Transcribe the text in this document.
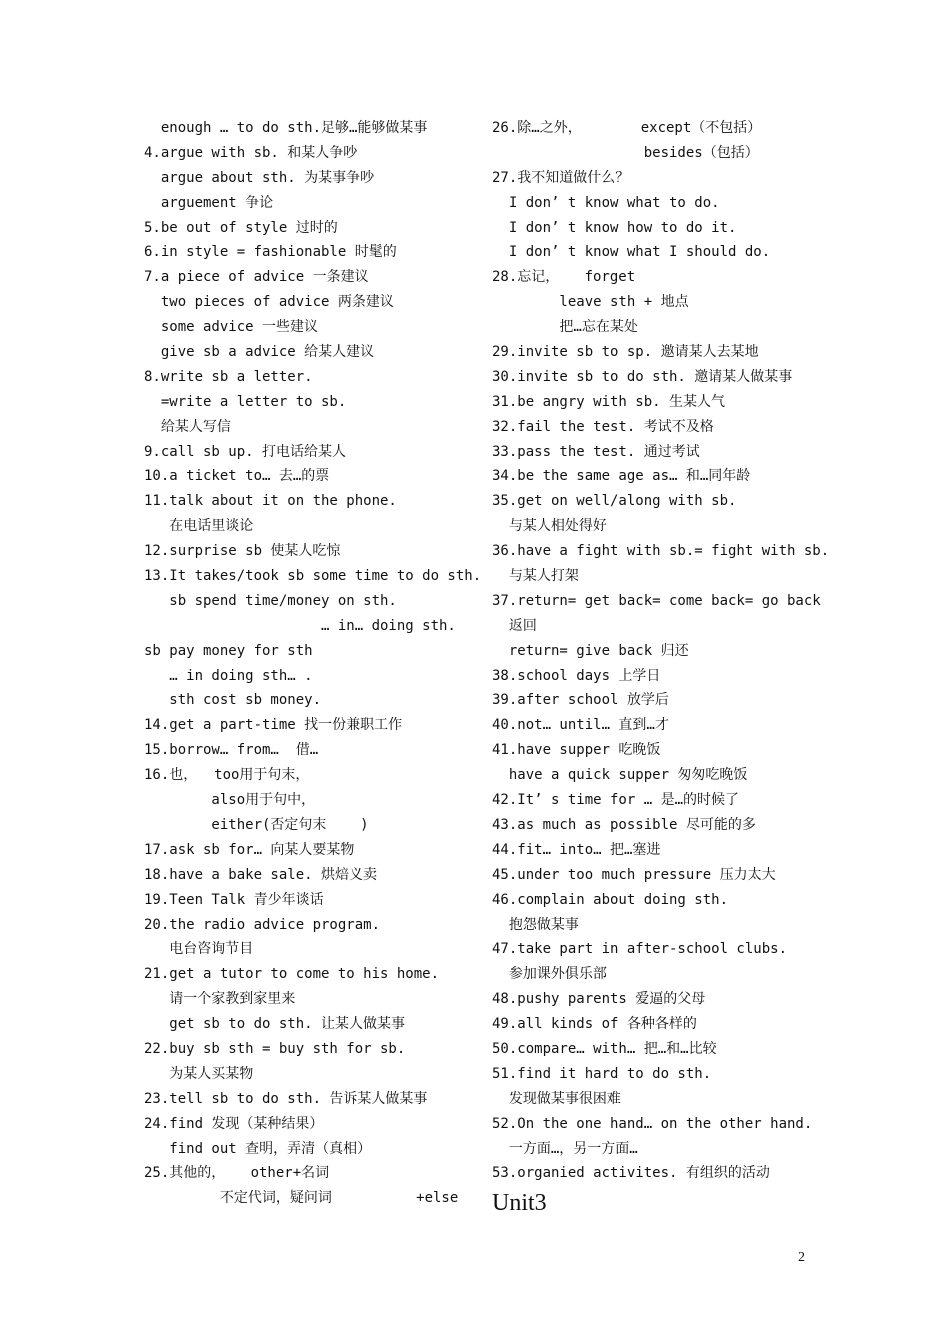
enough … to do sth.足够…能够做某事
4.argue with sb. 和某人争吵
argue about sth. 为某事争吵
arguement 争论
5.be out of style 过时的
6.in style = fashionable 时髦的
7.a piece of advice 一条建议
two pieces of advice 两条建议
some advice 一些建议
give sb a advice 给某人建议
8.write sb a letter.
=write a letter to sb.
给某人写信
9.call sb up. 打电话给某人
10.a ticket to… 去…的票
11.talk about it on the phone.
在电话里谈论
12.surprise sb 使某人吃惊
13.It takes/took sb some time to do sth.
sb spend time/money on sth.
… in… doing sth.
sb pay money for sth
… in doing sth… .
sth cost sb money.
14.get a part-time 找一份兼职工作
15.borrow… from…  借…
16.也，  too用于句末，
also用于句中，
either(否定句末    )
17.ask sb for… 向某人要某物
18.have a bake sale. 烘焙义卖
19.Teen Talk 青少年谈话
20.the radio advice program.
电台咨询节目
21.get a tutor to come to his home.
请一个家教到家里来
get sb to do sth. 让某人做某事
22.buy sb sth = buy sth for sb.
为某人买某物
23.tell sb to do sth. 告诉某人做某事
24.find 发现（某种结果）
find out 查明，弄清（真相）
25.其他的，   other+名词
不定代词，疑问词          +else
26.除…之外，       except（不包括）
besides（包括）
27.我不知道做什么？
I don’ t know what to do.
I don’ t know how to do it.
I don’ t know what I should do.
28.忘记，   forget
leave sth + 地点
把…忘在某处
29.invite sb to sp. 邀请某人去某地
30.invite sb to do sth. 邀请某人做某事
31.be angry with sb. 生某人气
32.fail the test. 考试不及格
33.pass the test. 通过考试
34.be the same age as… 和…同年龄
35.get on well/along with sb.
与某人相处得好
36.have a fight with sb.= fight with sb.
与某人打架
37.return= get back= come back= go back
返回
return= give back 归还
38.school days 上学日
39.after school 放学后
40.not… until… 直到…才
41.have supper 吃晚饭
have a quick supper 匆匆吃晚饭
42.It’ s time for … 是…的时候了
43.as much as possible 尽可能的多
44.fit… into… 把…塞进
45.under too much pressure 压力太大
46.complain about doing sth.
抱怨做某事
47.take part in after-school clubs.
参加课外俱乐部
48.pushy parents 爱逼的父母
49.all kinds of 各种各样的
50.compare… with… 把…和…比较
51.find it hard to do sth.
发现做某事很困难
52.On the one hand… on the other hand.
一方面…，另一方面…
53.organied activites. 有组织的活动
Unit3
2
